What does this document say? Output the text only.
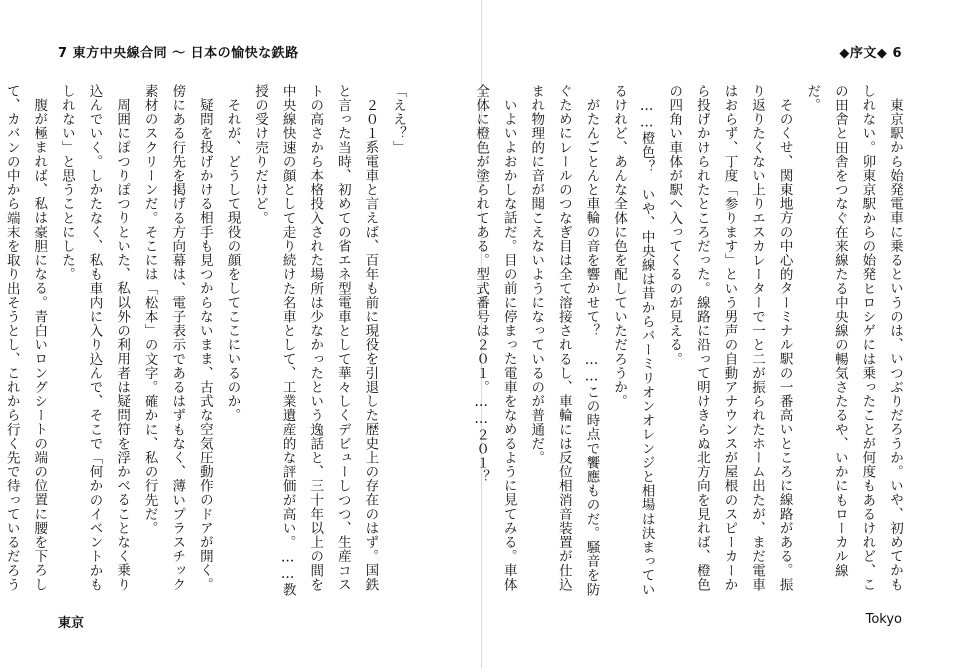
7 東方中央線合同 〜 日本の愉快な鉄路

「ええ？」

２０１系電車と言えば、百年も前に現役を引退した歴史上の存在のはず。国鉄と言った当時、初めての省エネ型電車として華々しくデビューしつつ、生産コストの高さから本格投入された場所は少なかったという逸話と、三十年以上の間を中央線快速の顔として走り続けた名車として、工業遺産的な評価が高い。……教授の受け売りだけど。

それが、どうして現役の顔をしてここにいるのか。

疑問を投げかける相手も見つからないまま、古式な空気圧動作のドアが開く。傍にある行先を掲げる方向幕は、電子表示であるはずもなく、薄いプラスチック素材のスクリーンだ。そこには「松本」の文字。確かに、私の行先だ。

周囲にぽつりぽつりといた、私以外の利用者は疑問符を浮かべることなく乗り込んでいく。しかたなく、私も車内に入り込んで、そこで「何かのイベントかもしれない」と思うことにした。

腹が極まれば、私は豪胆になる。青白いロングシートの端の位置に腰を下ろして、カバンの中から端末を取り出そうとし、これから行く先で待っているだろう

東京
◆序文◆ 6

東京駅から始発電車に乗るというのは、いつぶりだろうか。いや、初めてかもしれない。卯東京駅からの始発ヒロシゲには乗ったことが何度もあるけれど、この田舎と田舎をつなぐ在来線たる中央線の暢気さたるや、いかにもローカル線だ。

そのくせ、関東地方の中心的ターミナル駅の一番高いところに線路がある。振り返りたくない上りエスカレーターで一と二が振られたホーム出たが、まだ電車はおらず、丁度「参ります」という男声の自動アナウンスが屋根のスピーカーから投げかけられたところだった。線路に沿って明けきらぬ北方向を見れば、橙色の四角い車体が駅へ入ってくるのが見える。

……橙色？　いや、中央線は昔からバーミリオンオレンジと相場は決まっているけれど、あんな全体に色を配していただろうか。

がたんごとんと車輪の音を響かせて？　……この時点で饗應ものだ。騒音を防ぐためにレールのつなぎ目は全て溶接されるし、車輪には反位相消音装置が仕込まれ物理的に音が聞こえないようになっているのが普通だ。

いよいよおかしな話だ。目の前に停まった電車をなめるように見てみる。車体全体に橙色が塗られてある。型式番号は２０１。……２０１？

Tokyo
